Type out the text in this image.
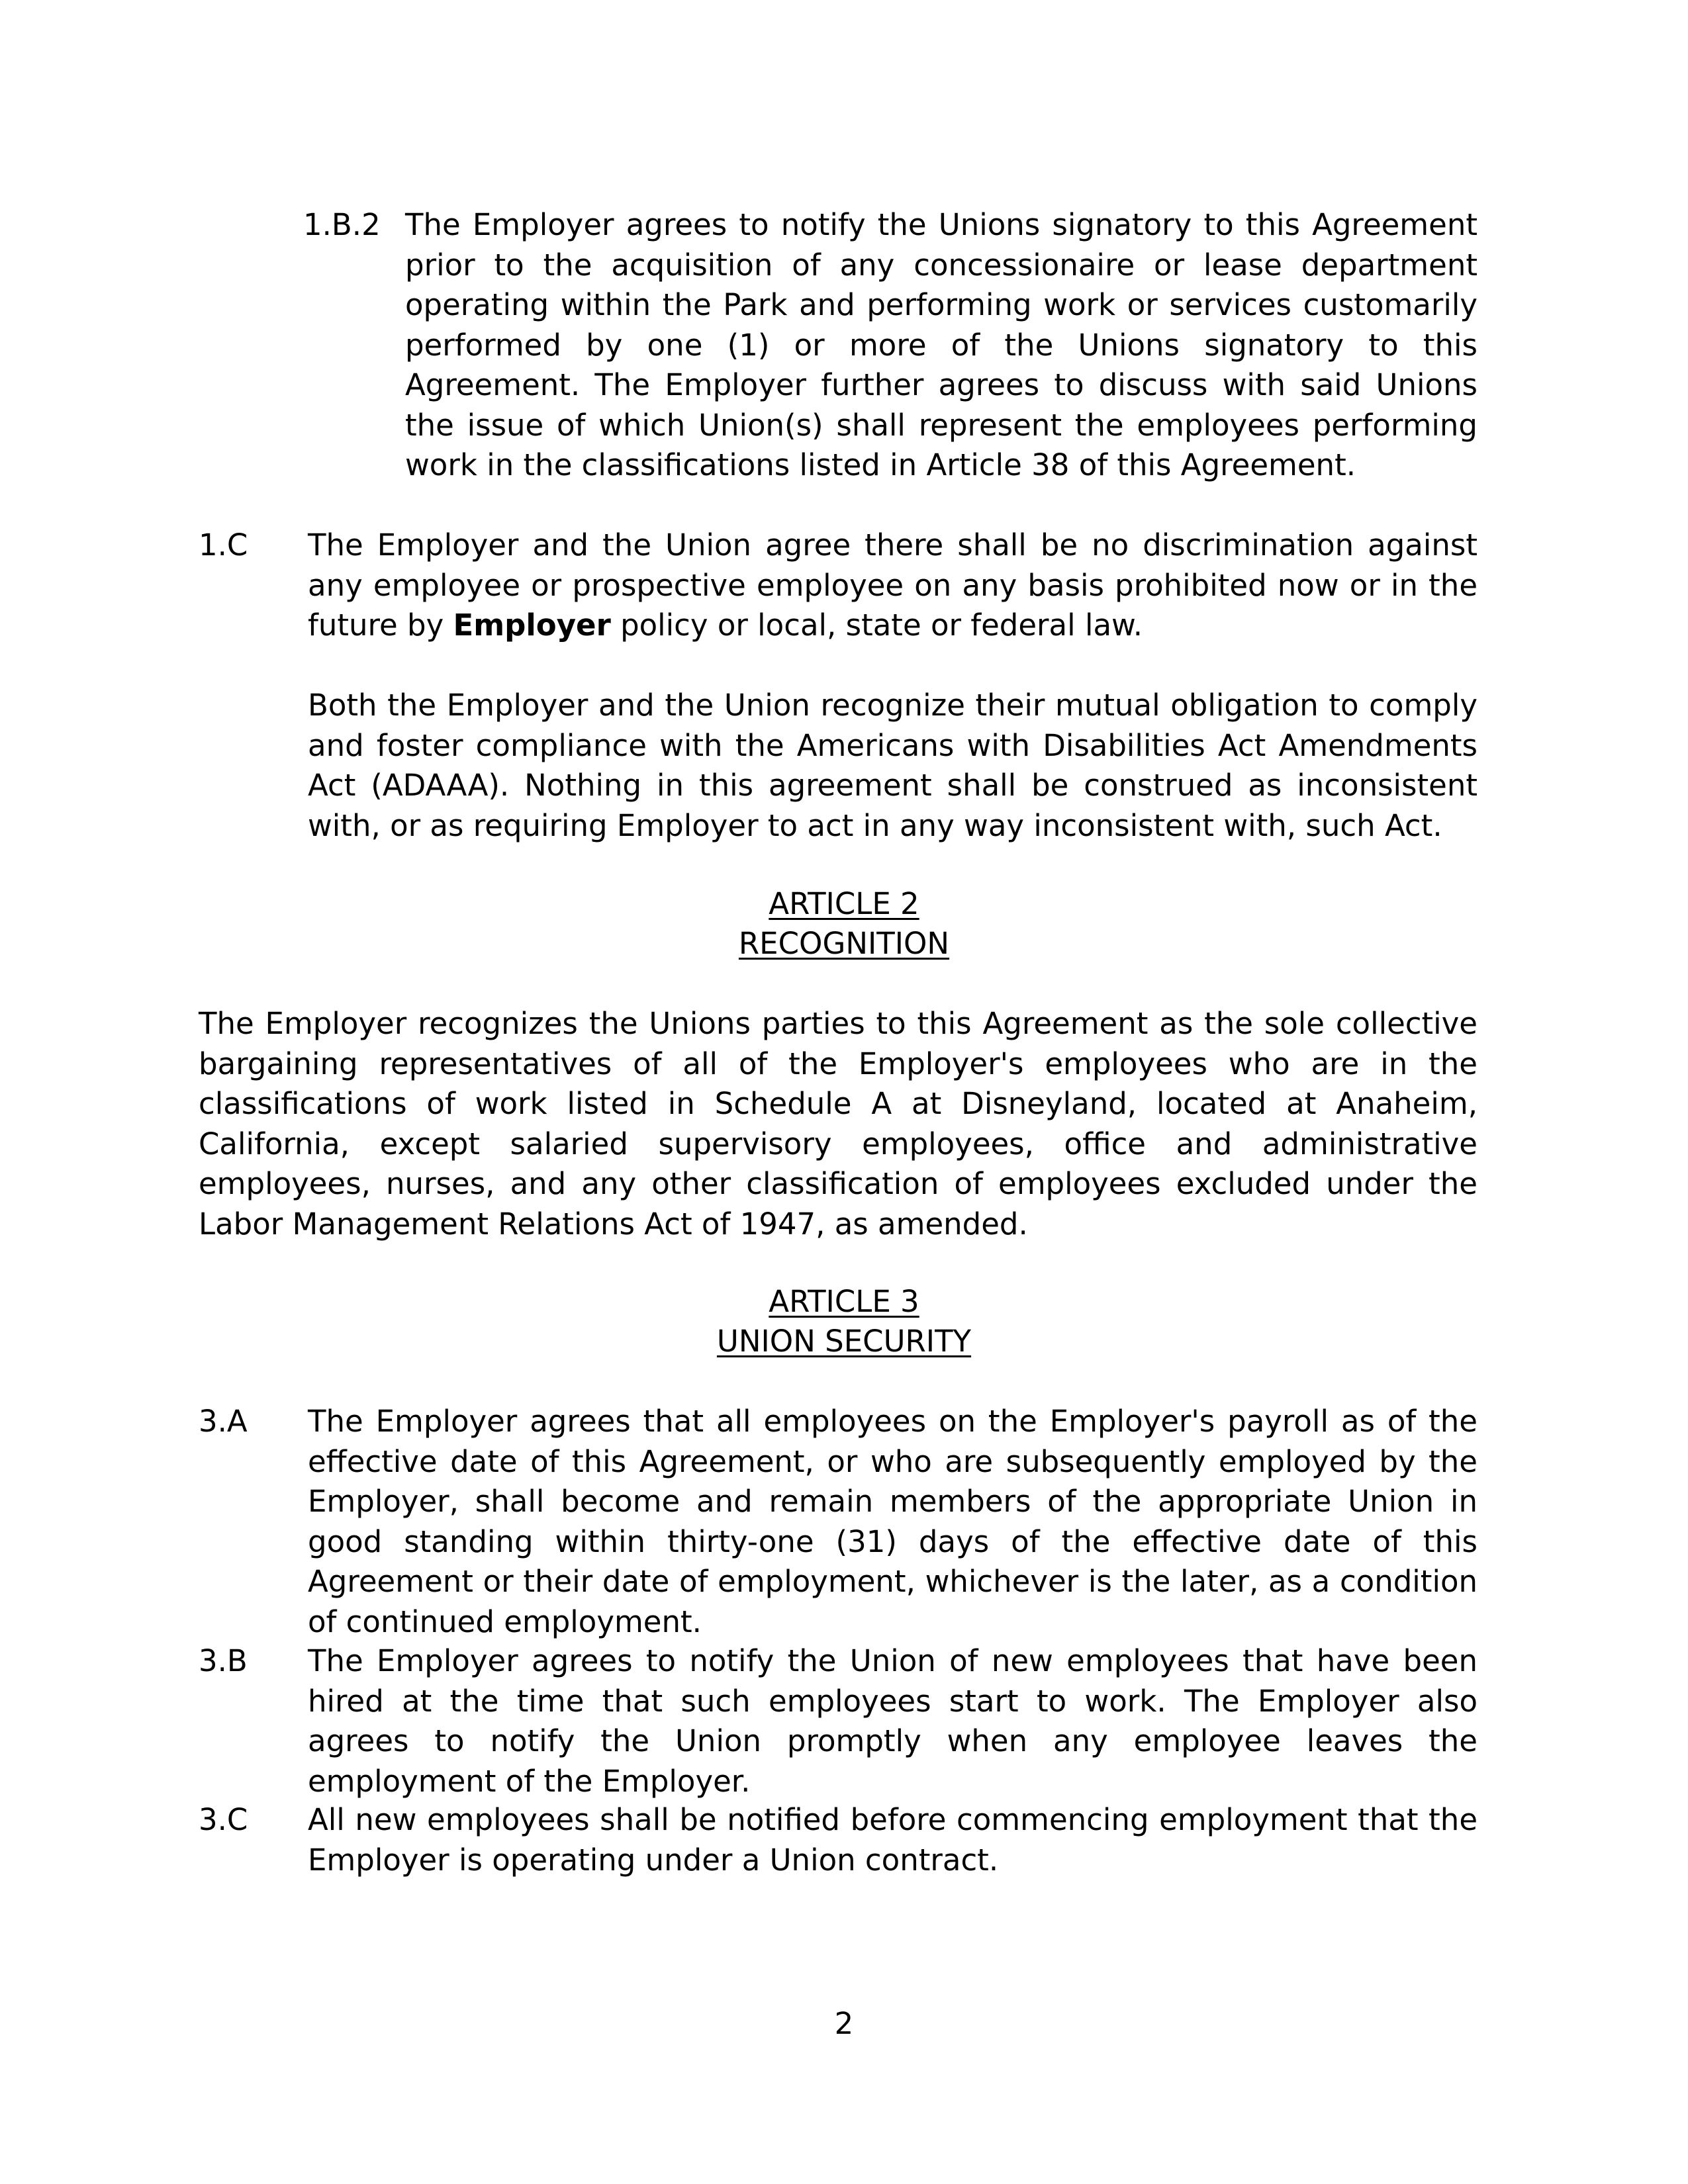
1.B.2 The Employer agrees to notify the Unions signatory to this Agreement prior to the acquisition of any concessionaire or lease department operating within the Park and performing work or services customarily performed by one (1) or more of the Unions signatory to this Agreement. The Employer further agrees to discuss with said Unions the issue of which Union(s) shall represent the employees performing work in the classifications listed in Article 38 of this Agreement.
1.C The Employer and the Union agree there shall be no discrimination against any employee or prospective employee on any basis prohibited now or in the future by Employer policy or local, state or federal law.
Both the Employer and the Union recognize their mutual obligation to comply and foster compliance with the Americans with Disabilities Act Amendments Act (ADAAA). Nothing in this agreement shall be construed as inconsistent with, or as requiring Employer to act in any way inconsistent with, such Act.
ARTICLE 2
RECOGNITION
The Employer recognizes the Unions parties to this Agreement as the sole collective bargaining representatives of all of the Employer's employees who are in the classifications of work listed in Schedule A at Disneyland, located at Anaheim, California, except salaried supervisory employees, office and administrative employees, nurses, and any other classification of employees excluded under the Labor Management Relations Act of 1947, as amended.
ARTICLE 3
UNION SECURITY
3.A The Employer agrees that all employees on the Employer's payroll as of the effective date of this Agreement, or who are subsequently employed by the Employer, shall become and remain members of the appropriate Union in good standing within thirty-one (31) days of the effective date of this Agreement or their date of employment, whichever is the later, as a condition of continued employment.
3.B The Employer agrees to notify the Union of new employees that have been hired at the time that such employees start to work. The Employer also agrees to notify the Union promptly when any employee leaves the employment of the Employer.
3.C All new employees shall be notified before commencing employment that the Employer is operating under a Union contract.
2
